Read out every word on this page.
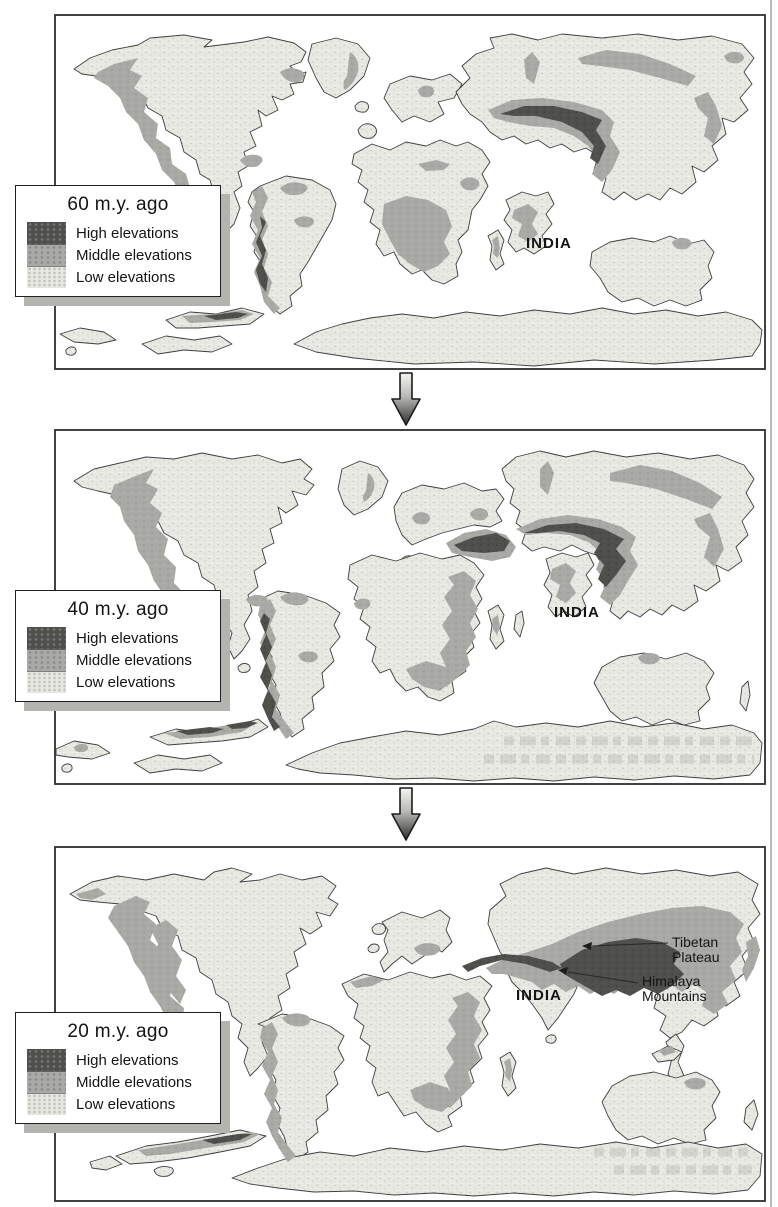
INDIA
INDIA
INDIA
Tibetan
Plateau
Himalaya
Mountains
60 m.y. ago
High elevations
Middle elevations
Low elevations
40 m.y. ago
High elevations
Middle elevations
Low elevations
20 m.y. ago
High elevations
Middle elevations
Low elevations
